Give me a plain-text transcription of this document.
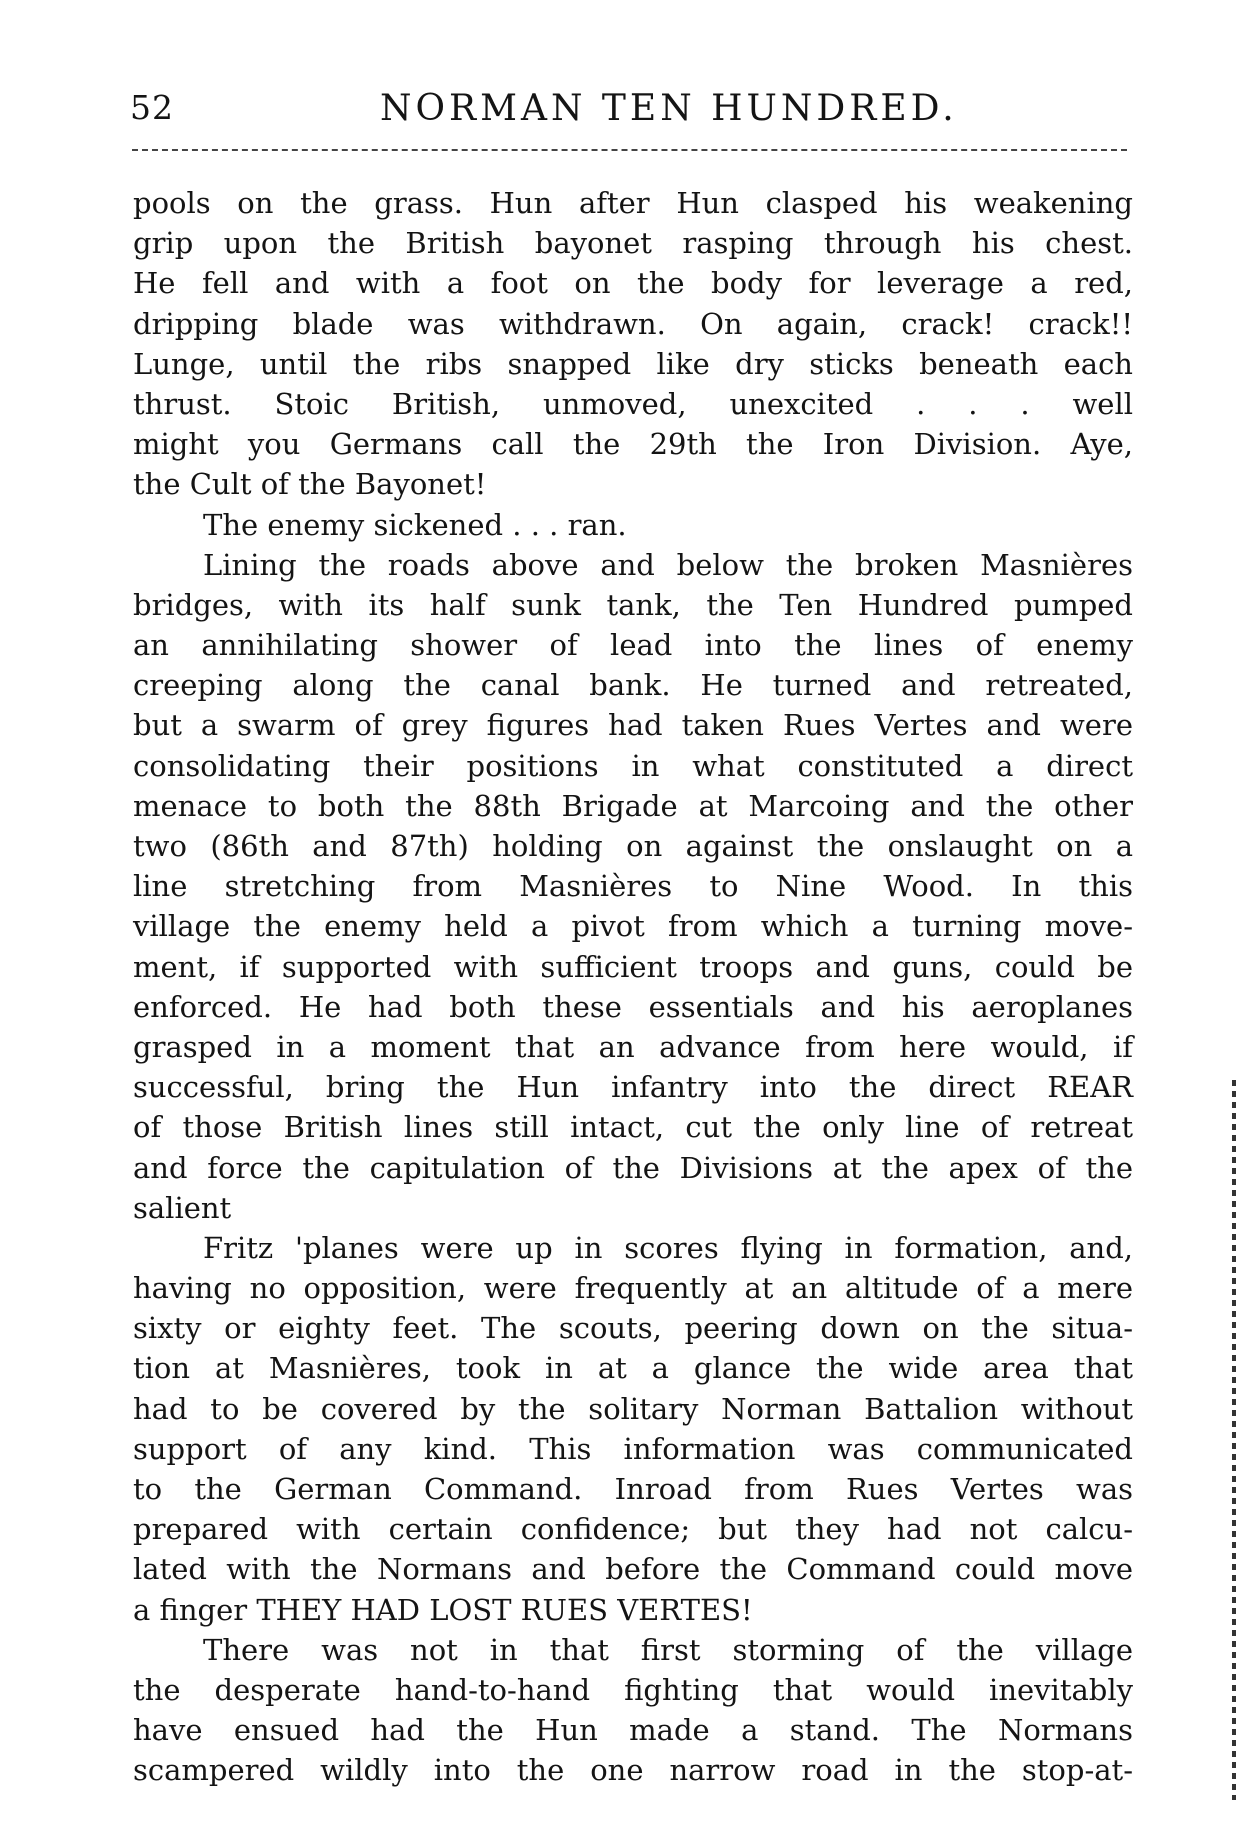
52	NORMAN TEN HUNDRED.
pools on the grass. Hun after Hun clasped his weakening
grip upon the British bayonet rasping through his chest.
He fell and with a foot on the body for leverage a red,
dripping blade was withdrawn. On again, crack! crack!!
Lunge, until the ribs snapped like dry sticks beneath each
thrust. Stoic British, unmoved, unexcited . . . well
might you Germans call the 29th the Iron Division. Aye,
the Cult of the Bayonet!
The enemy sickened . . . ran.
Lining the roads above and below the broken Masnières
bridges, with its half sunk tank, the Ten Hundred pumped
an annihilating shower of lead into the lines of enemy
creeping along the canal bank. He turned and retreated,
but a swarm of grey figures had taken Rues Vertes and were
consolidating their positions in what constituted a direct
menace to both the 88th Brigade at Marcoing and the other
two (86th and 87th) holding on against the onslaught on a
line stretching from Masnières to Nine Wood. In this
village the enemy held a pivot from which a turning move-
ment, if supported with sufficient troops and guns, could be
enforced. He had both these essentials and his aeroplanes
grasped in a moment that an advance from here would, if
successful, bring the Hun infantry into the direct REAR
of those British lines still intact, cut the only line of retreat
and force the capitulation of the Divisions at the apex of the
salient
Fritz 'planes were up in scores flying in formation, and,
having no opposition, were frequently at an altitude of a mere
sixty or eighty feet. The scouts, peering down on the situa-
tion at Masnières, took in at a glance the wide area that
had to be covered by the solitary Norman Battalion without
support of any kind. This information was communicated
to the German Command. Inroad from Rues Vertes was
prepared with certain confidence; but they had not calcu-
lated with the Normans and before the Command could move
a finger THEY HAD LOST RUES VERTES!
There was not in that first storming of the village
the desperate hand-to-hand fighting that would inevitably
have ensued had the Hun made a stand. The Normans
scampered wildly into the one narrow road in the stop-at-
